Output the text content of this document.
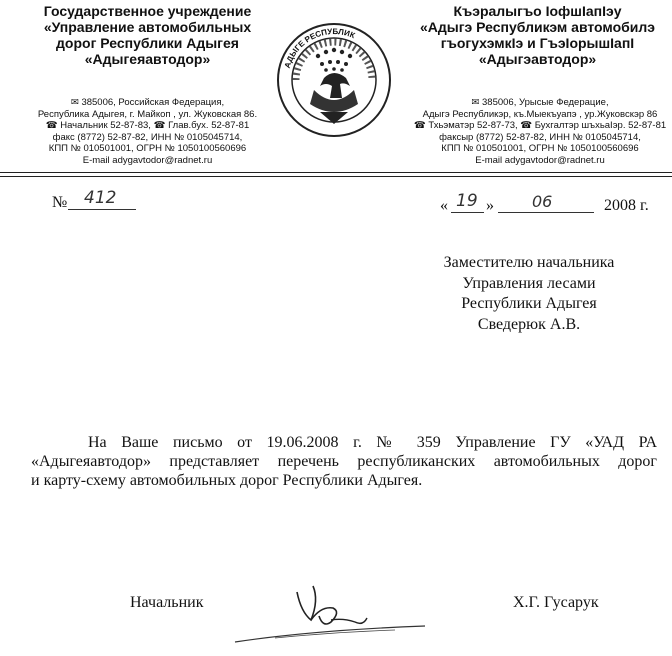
Государственное учреждение
«Управление автомобильных
дорог Республики Адыгея
«Адыгеяавтодор»
✉ 385006, Российская Федерация,
Республика Адыгея, г. Майкоп , ул. Жуковская 86.
☎ Начальник 52-87-83, ☎ Глав.бух. 52-87-81
факс (8772) 52-87-82, ИНН № 0105045714,
КПП № 010501001, ОГРН № 1050100560696
E-mail adygavtodor@radnet.ru
АДЫГЕ РЕСПУБЛИК
Къэралыгъо ІофшІапІэу
«Адыгэ Республикэм автомобилэ
гъогухэмкІэ и ГъэІорышІапІ
«Адыгэавтодор»
✉ 385006, Урысые Федерацие,
Адыгэ Республикэр, къ.Мыекъуапэ , ур.Жуковскэр 86
☎ Тхьэматэр 52-87-73, ☎ Бухгалтэр шъхьаІэр. 52-87-81
факсыр (8772) 52-87-82, ИНН № 0105045714,
КПП № 010501001, ОГРН № 1050100560696
E-mail adygavtodor@radnet.ru
№ 412	« 19 » 06	2008 г.
Заместителю начальника
Управления лесами
Республики Адыгея
Сведерюк А.В.
На Ваше письмо от 19.06.2008 г. № 359 Управление ГУ «УАД РА
«Адыгеяавтодор» представляет перечень республиканских автомобильных дорог
и карту-схему автомобильных дорог Республики Адыгея.
Начальник	Х.Г. Гусарук
